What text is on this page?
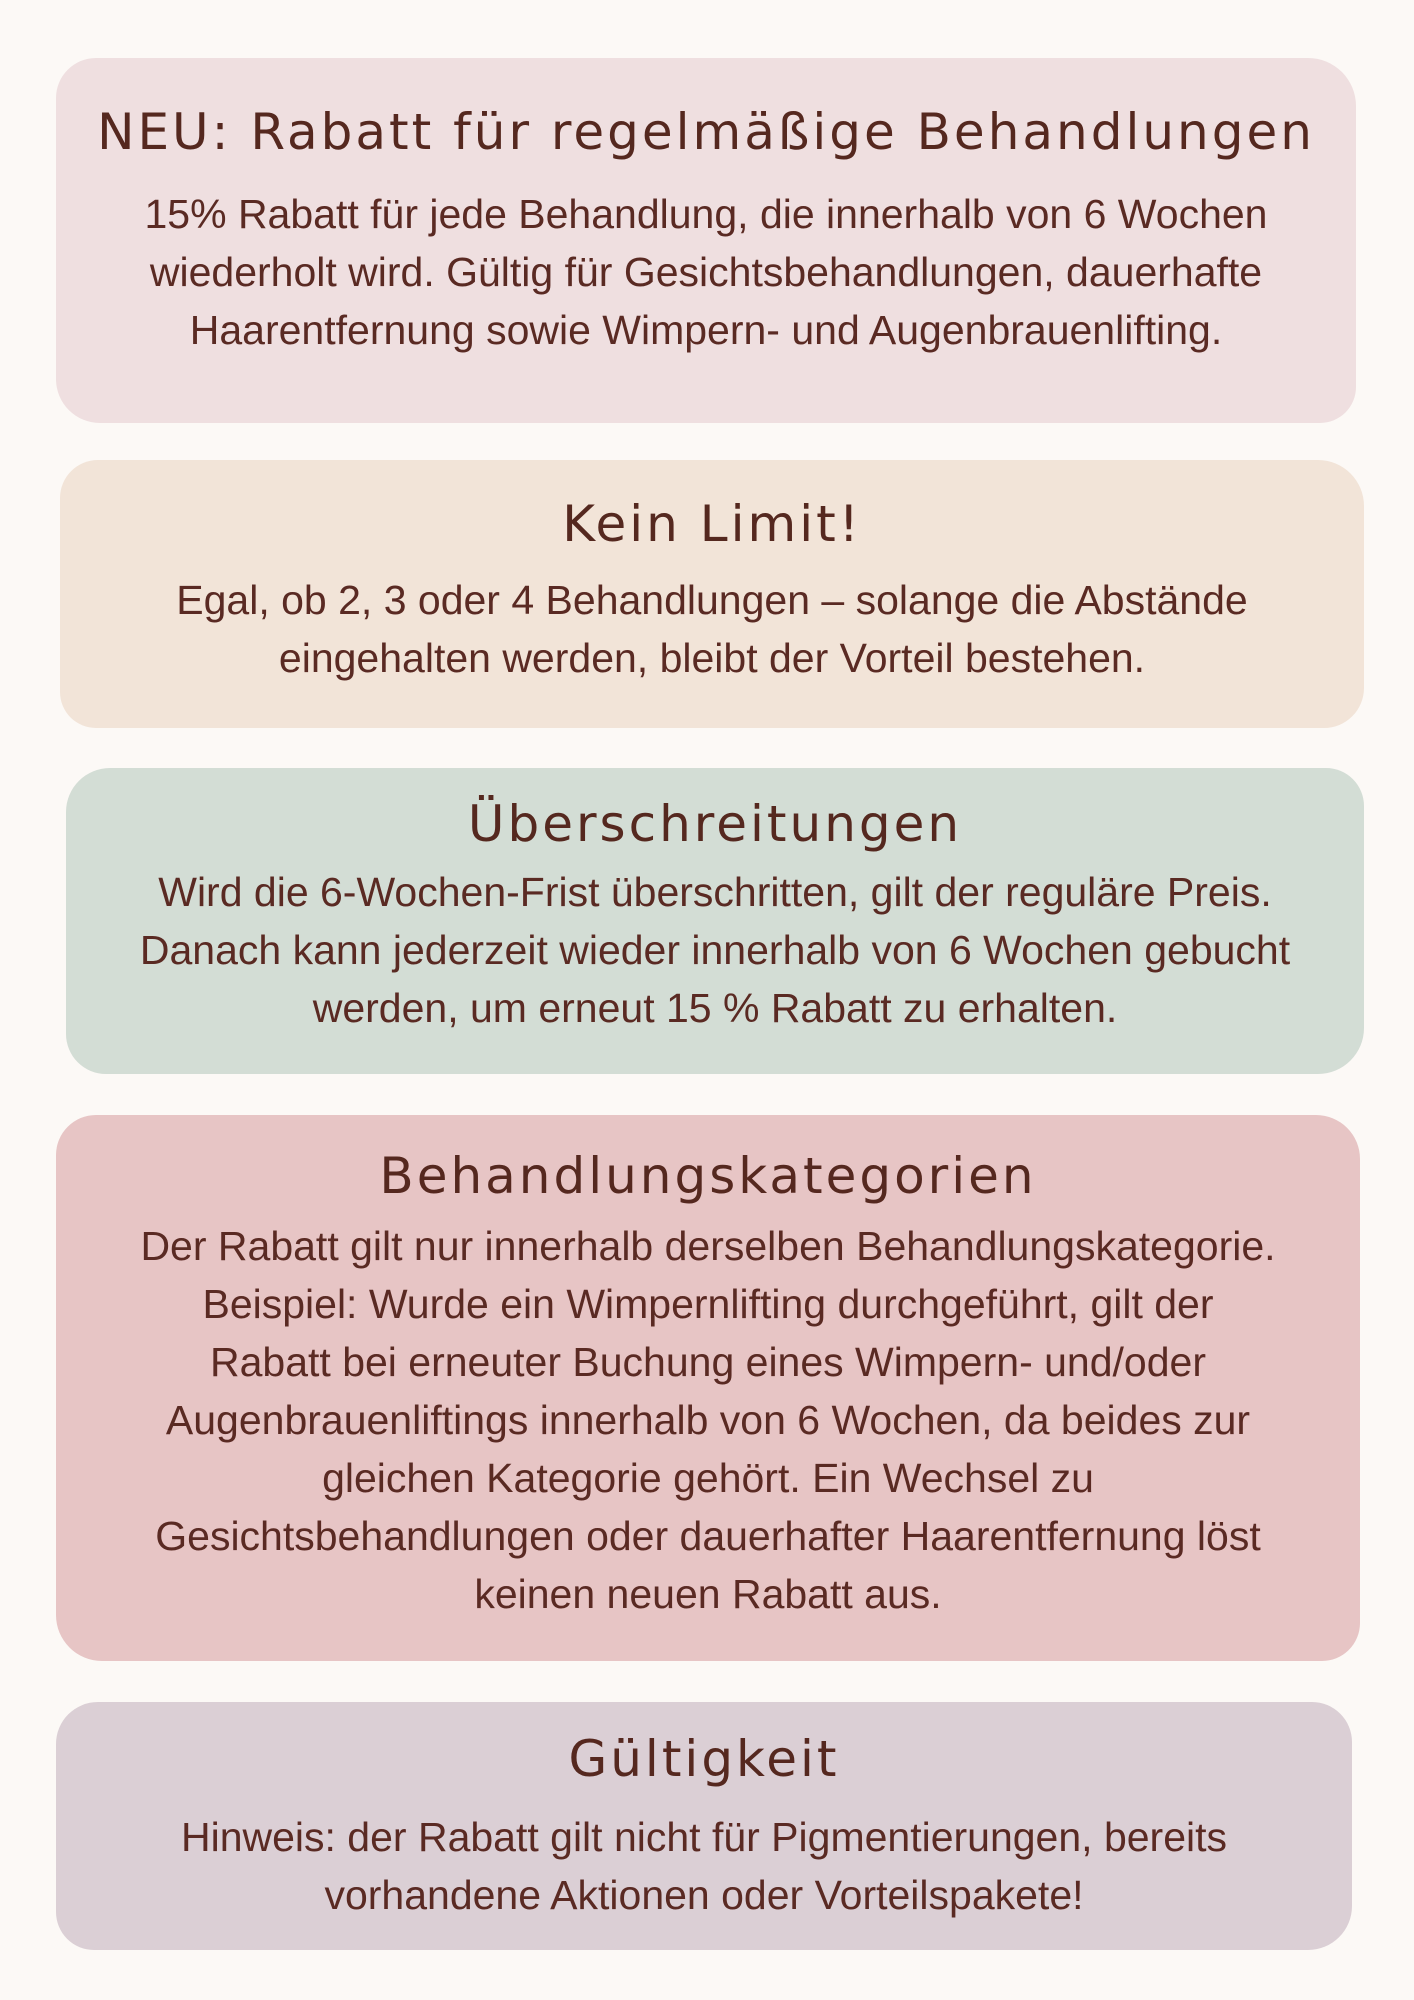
NEU: Rabatt für regelmäßige Behandlungen

15% Rabatt für jede Behandlung, die innerhalb von 6 Wochen
wiederholt wird. Gültig für Gesichtsbehandlungen, dauerhafte
Haarentfernung sowie Wimpern- und Augenbrauenlifting.

Kein Limit!

Egal, ob 2, 3 oder 4 Behandlungen – solange die Abstände
eingehalten werden, bleibt der Vorteil bestehen.

Überschreitungen

Wird die 6-Wochen-Frist überschritten, gilt der reguläre Preis.
Danach kann jederzeit wieder innerhalb von 6 Wochen gebucht
werden, um erneut 15 % Rabatt zu erhalten.

Behandlungskategorien

Der Rabatt gilt nur innerhalb derselben Behandlungskategorie.
Beispiel: Wurde ein Wimpernlifting durchgeführt, gilt der
Rabatt bei erneuter Buchung eines Wimpern- und/oder
Augenbrauenliftings innerhalb von 6 Wochen, da beides zur
gleichen Kategorie gehört. Ein Wechsel zu
Gesichtsbehandlungen oder dauerhafter Haarentfernung löst
keinen neuen Rabatt aus.

Gültigkeit

Hinweis: der Rabatt gilt nicht für Pigmentierungen, bereits
vorhandene Aktionen oder Vorteilspakete!
